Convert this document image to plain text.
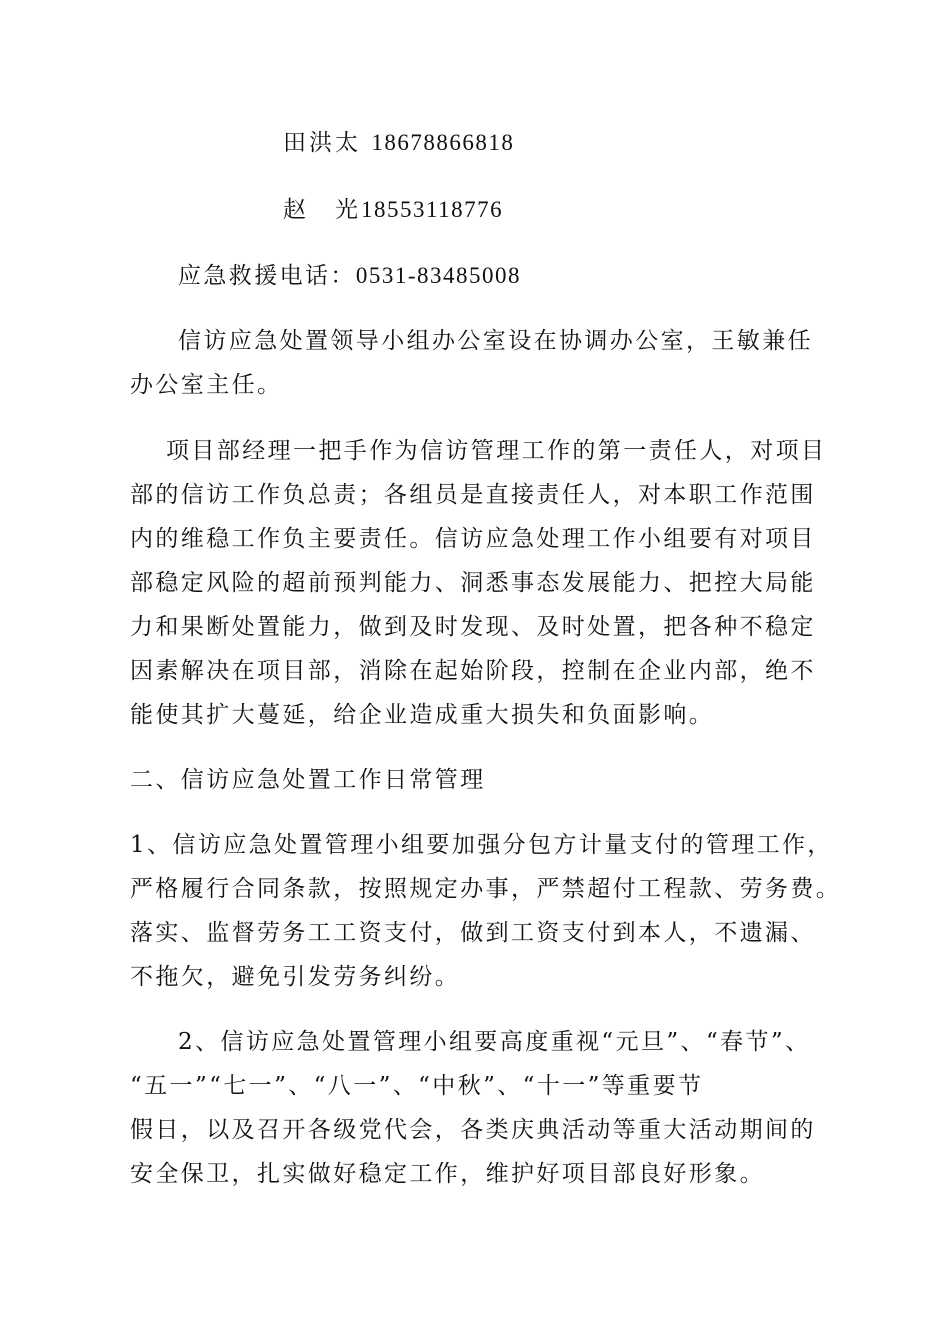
田洪太 18678866818
赵　光18553118776
应急救援电话：0531-83485008
信访应急处置领导小组办公室设在协调办公室，王敏兼任
办公室主任。
项目部经理一把手作为信访管理工作的第一责任人，对项目
部的信访工作负总责；各组员是直接责任人，对本职工作范围
内的维稳工作负主要责任。信访应急处理工作小组要有对项目
部稳定风险的超前预判能力、洞悉事态发展能力、把控大局能
力和果断处置能力，做到及时发现、及时处置，把各种不稳定
因素解决在项目部，消除在起始阶段，控制在企业内部，绝不
能使其扩大蔓延，给企业造成重大损失和负面影响。
二、信访应急处置工作日常管理
1、信访应急处置管理小组要加强分包方计量支付的管理工作，
严格履行合同条款，按照规定办事，严禁超付工程款、劳务费。
落实、监督劳务工工资支付，做到工资支付到本人，不遗漏、
不拖欠，避免引发劳务纠纷。
2、信访应急处置管理小组要高度重视“元旦”、“春节”、
“五一”“七一”、“八一”、“中秋”、“十一”等重要节
假日，以及召开各级党代会，各类庆典活动等重大活动期间的
安全保卫，扎实做好稳定工作，维护好项目部良好形象。
